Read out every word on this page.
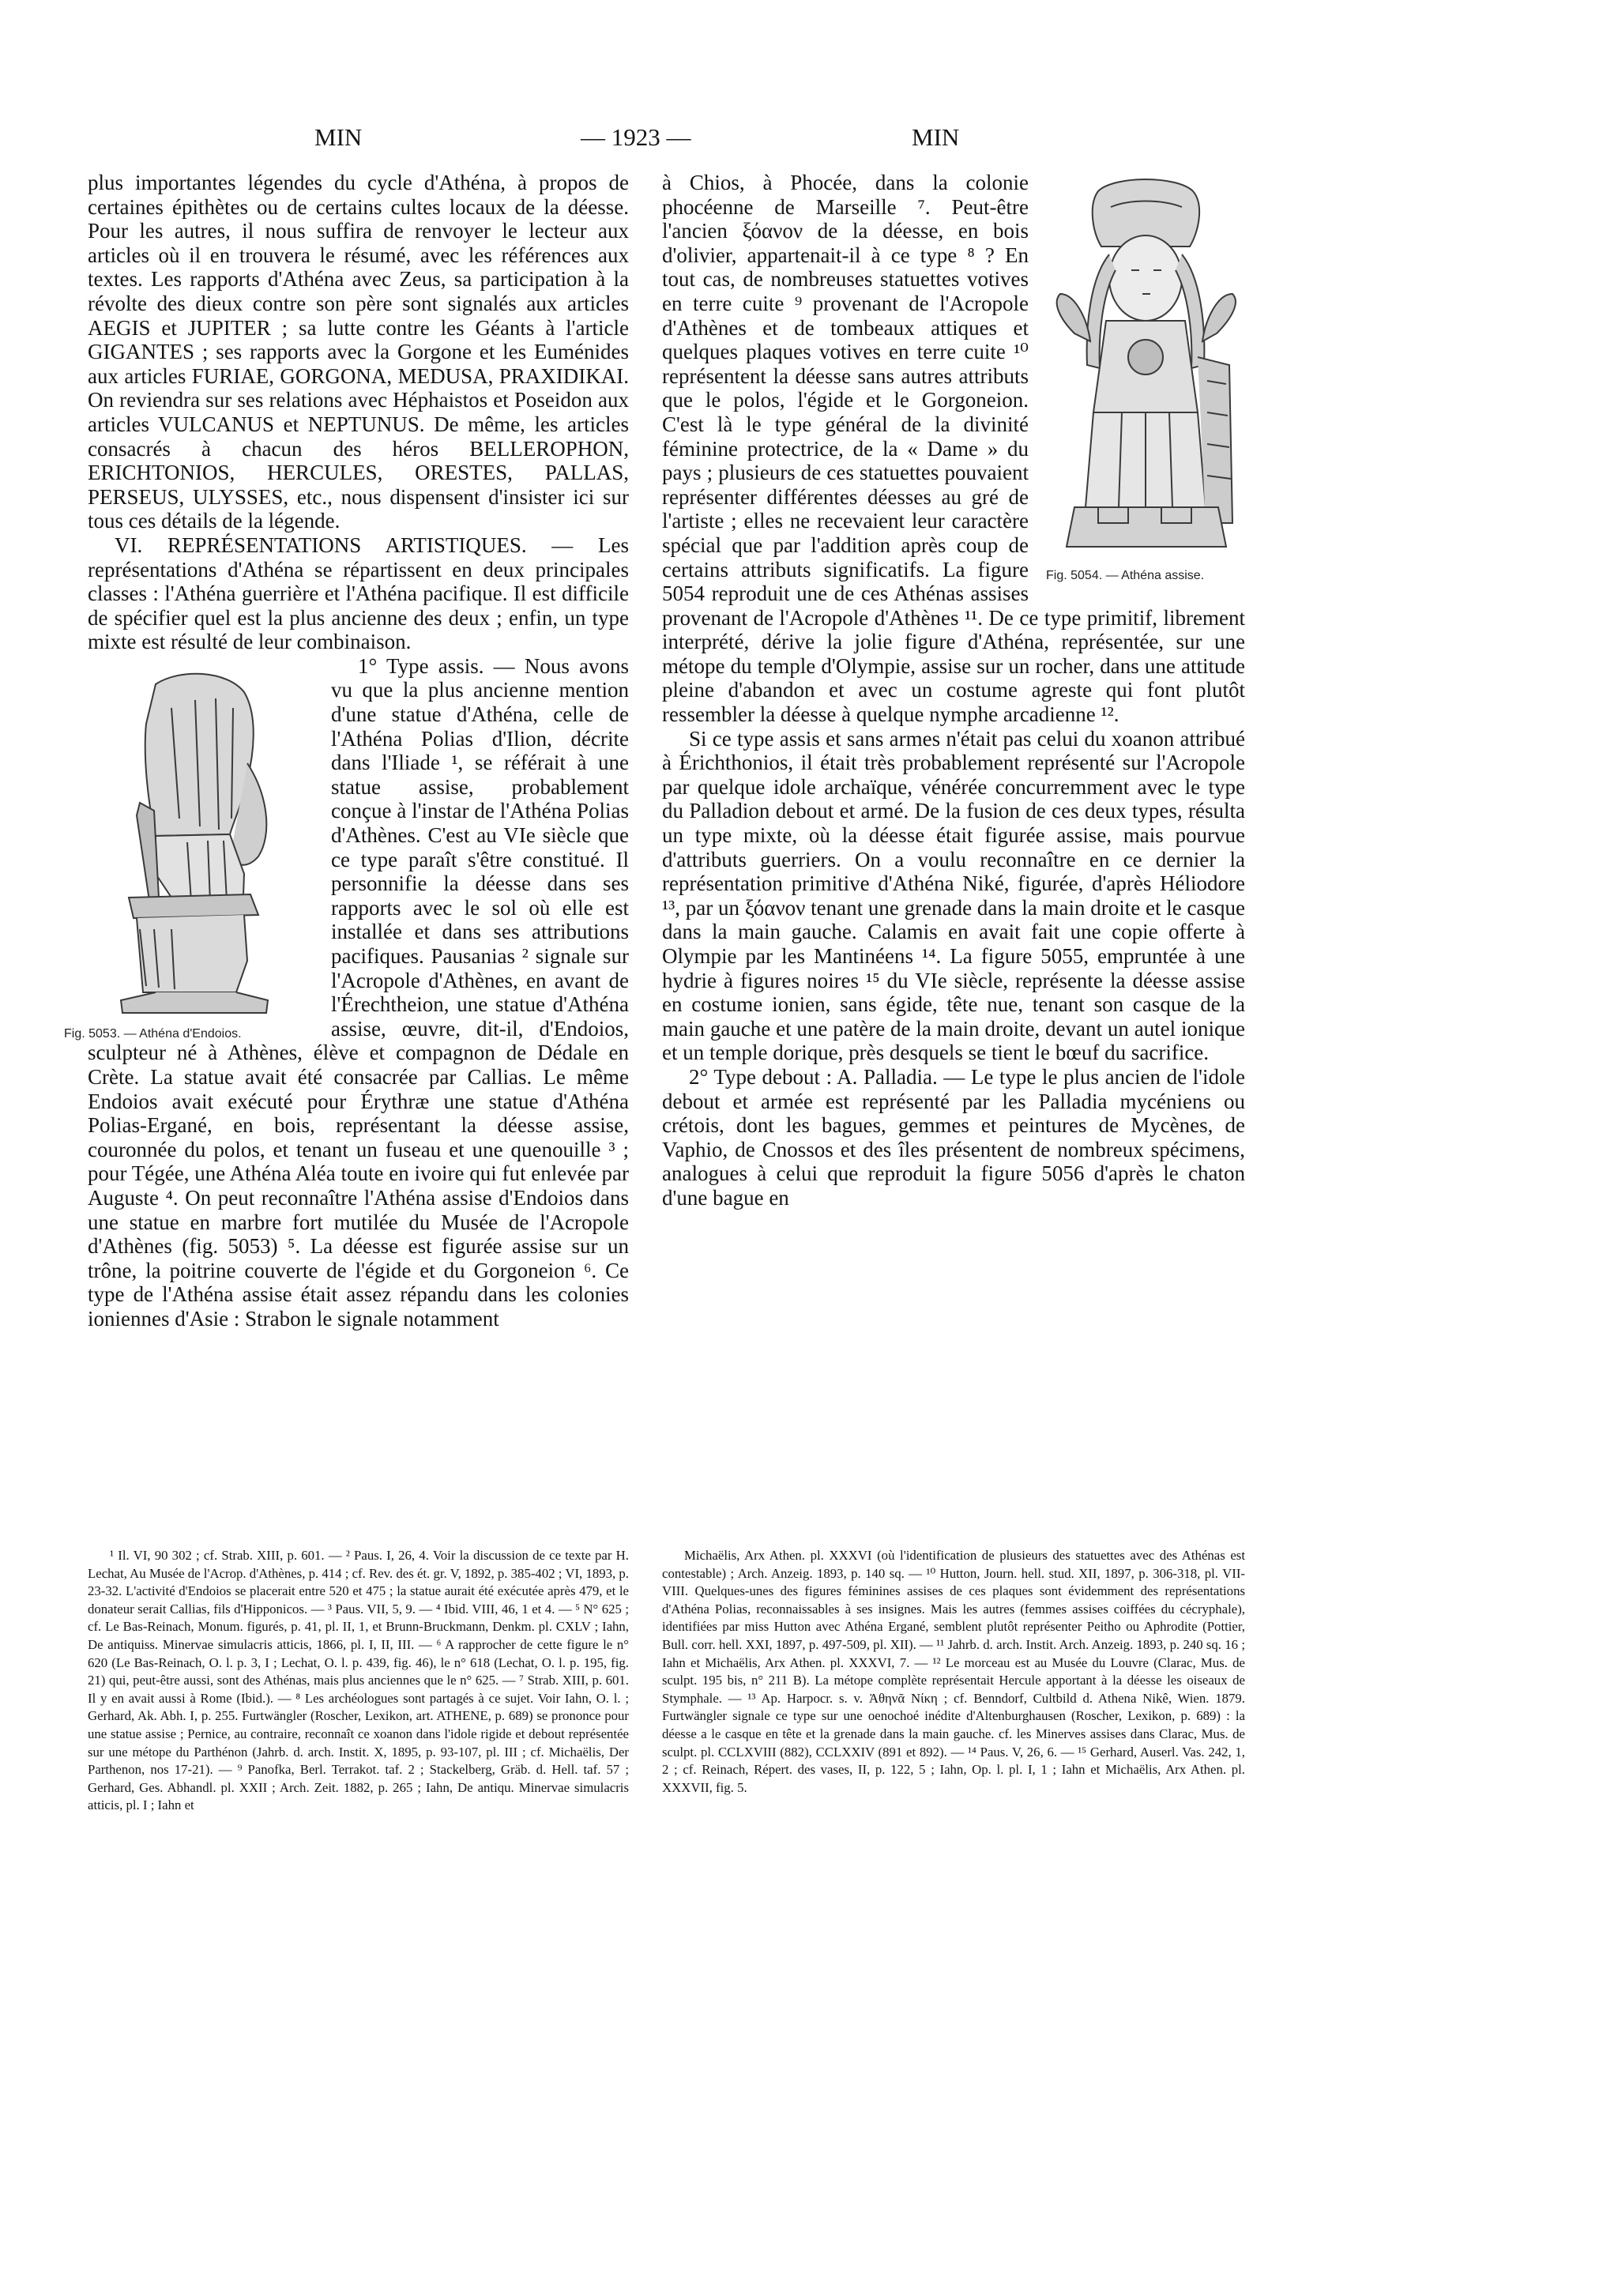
MIN	— 1923 —	MIN

plus importantes légendes du cycle d'Athéna, à propos de certaines épithètes ou de certains cultes locaux de la déesse. Pour les autres, il nous suffira de renvoyer le lecteur aux articles où il en trouvera le résumé, avec les références aux textes. Les rapports d'Athéna avec Zeus, sa participation à la révolte des dieux contre son père sont signalés aux articles AEGIS et JUPITER ; sa lutte contre les Géants à l'article GIGANTES ; ses rapports avec la Gorgone et les Euménides aux articles FURIAE, GORGONA, MEDUSA, PRAXIDIKAI. On reviendra sur ses relations avec Héphaistos et Poseidon aux articles VULCANUS et NEPTUNUS. De même, les articles consacrés à chacun des héros BELLEROPHON, ERICHTONIOS, HERCULES, ORESTES, PALLAS, PERSEUS, ULYSSES, etc., nous dispensent d'insister ici sur tous ces détails de la légende.

VI. REPRÉSENTATIONS ARTISTIQUES. — Les représentations d'Athéna se répartissent en deux principales classes : l'Athéna guerrière et l'Athéna pacifique. Il est difficile de spécifier quel est la plus ancienne des deux ; enfin, un type mixte est résulté de leur combinaison.

Fig. 5053. — Athéna d'Endoios.

1° Type assis. — Nous avons vu que la plus ancienne mention d'une statue d'Athéna, celle de l'Athéna Polias d'Ilion, décrite dans l'Iliade ¹, se référait à une statue assise, probablement conçue à l'instar de l'Athéna Polias d'Athènes. C'est au VIe siècle que ce type paraît s'être constitué. Il personnifie la déesse dans ses rapports avec le sol où elle est installée et dans ses attributions pacifiques. Pausanias ² signale sur l'Acropole d'Athènes, en avant de l'Érechtheion, une statue d'Athéna assise, œuvre, dit-il, d'Endoios, sculpteur né à Athènes, élève et compagnon de Dédale en Crète. La statue avait été consacrée par Callias. Le même Endoios avait exécuté pour Érythræ une statue d'Athéna Polias-Ergané, en bois, représentant la déesse assise, couronnée du polos, et tenant un fuseau et une quenouille ³ ; pour Tégée, une Athéna Aléa toute en ivoire qui fut enlevée par Auguste ⁴. On peut reconnaître l'Athéna assise d'Endoios dans une statue en marbre fort mutilée du Musée de l'Acropole d'Athènes (fig. 5053) ⁵. La déesse est figurée assise sur un trône, la poitrine couverte de l'égide et du Gorgoneion ⁶. Ce type de l'Athéna assise était assez répandu dans les colonies ioniennes d'Asie : Strabon le signale notamment

Fig. 5054. — Athéna assise.

à Chios, à Phocée, dans la colonie phocéenne de Marseille ⁷. Peut-être l'ancien ξόανον de la déesse, en bois d'olivier, appartenait-il à ce type ⁸ ? En tout cas, de nombreuses statuettes votives en terre cuite ⁹ provenant de l'Acropole d'Athènes et de tombeaux attiques et quelques plaques votives en terre cuite ¹⁰ représentent la déesse sans autres attributs que le polos, l'égide et le Gorgoneion. C'est là le type général de la divinité féminine protectrice, de la « Dame » du pays ; plusieurs de ces statuettes pouvaient représenter différentes déesses au gré de l'artiste ; elles ne recevaient leur caractère spécial que par l'addition après coup de certains attributs significatifs. La figure 5054 reproduit une de ces Athénas assises provenant de l'Acropole d'Athènes ¹¹. De ce type primitif, librement interprété, dérive la jolie figure d'Athéna, représentée, sur une métope du temple d'Olympie, assise sur un rocher, dans une attitude pleine d'abandon et avec un costume agreste qui font plutôt ressembler la déesse à quelque nymphe arcadienne ¹².

Si ce type assis et sans armes n'était pas celui du xoanon attribué à Érichthonios, il était très probablement représenté sur l'Acropole par quelque idole archaïque, vénérée concurremment avec le type du Palladion debout et armé. De la fusion de ces deux types, résulta un type mixte, où la déesse était figurée assise, mais pourvue d'attributs guerriers. On a voulu reconnaître en ce dernier la représentation primitive d'Athéna Niké, figurée, d'après Héliodore ¹³, par un ξόανον tenant une grenade dans la main droite et le casque dans la main gauche. Calamis en avait fait une copie offerte à Olympie par les Mantinéens ¹⁴. La figure 5055, empruntée à une hydrie à figures noires ¹⁵ du VIe siècle, représente la déesse assise en costume ionien, sans égide, tête nue, tenant son casque de la main gauche et une patère de la main droite, devant un autel ionique et un temple dorique, près desquels se tient le bœuf du sacrifice.

2° Type debout : A. Palladia. — Le type le plus ancien de l'idole debout et armée est représenté par les Palladia mycéniens ou crétois, dont les bagues, gemmes et peintures de Mycènes, de Vaphio, de Cnossos et des îles présentent de nombreux spécimens, analogues à celui que reproduit la figure 5056 d'après le chaton d'une bague en

¹ Il. VI, 90 302 ; cf. Strab. XIII, p. 601. — ² Paus. I, 26, 4. Voir la discussion de ce texte par H. Lechat, Au Musée de l'Acrop. d'Athènes, p. 414 ; cf. Rev. des ét. gr. V, 1892, p. 385-402 ; VI, 1893, p. 23-32. L'activité d'Endoios se placerait entre 520 et 475 ; la statue aurait été exécutée après 479, et le donateur serait Callias, fils d'Hipponicos. — ³ Paus. VII, 5, 9. — ⁴ Ibid. VIII, 46, 1 et 4. — ⁵ N° 625 ; cf. Le Bas-Reinach, Monum. figurés, p. 41, pl. II, 1, et Brunn-Bruckmann, Denkm. pl. CXLV ; Iahn, De antiquiss. Minervae simulacris atticis, 1866, pl. I, II, III. — ⁶ A rapprocher de cette figure le n° 620 (Le Bas-Reinach, O. l. p. 3, I ; Lechat, O. l. p. 439, fig. 46), le n° 618 (Lechat, O. l. p. 195, fig. 21) qui, peut-être aussi, sont des Athénas, mais plus anciennes que le n° 625. — ⁷ Strab. XIII, p. 601. Il y en avait aussi à Rome (Ibid.). — ⁸ Les archéologues sont partagés à ce sujet. Voir Iahn, O. l. ; Gerhard, Ak. Abh. I, p. 255. Furtwängler (Roscher, Lexikon, art. ATHENE, p. 689) se prononce pour une statue assise ; Pernice, au contraire, reconnaît ce xoanon dans l'idole rigide et debout représentée sur une métope du Parthénon (Jahrb. d. arch. Instit. X, 1895, p. 93-107, pl. III ; cf. Michaëlis, Der Parthenon, nos 17-21). — ⁹ Panofka, Berl. Terrakot. taf. 2 ; Stackelberg, Gräb. d. Hell. taf. 57 ; Gerhard, Ges. Abhandl. pl. XXII ; Arch. Zeit. 1882, p. 265 ; Iahn, De antiqu. Minervae simulacris atticis, pl. I ; Iahn et

Michaëlis, Arx Athen. pl. XXXVI (où l'identification de plusieurs des statuettes avec des Athénas est contestable) ; Arch. Anzeig. 1893, p. 140 sq. — ¹⁰ Hutton, Journ. hell. stud. XII, 1897, p. 306-318, pl. VII-VIII. Quelques-unes des figures féminines assises de ces plaques sont évidemment des représentations d'Athéna Polias, reconnaissables à ses insignes. Mais les autres (femmes assises coiffées du cécryphale), identifiées par miss Hutton avec Athéna Ergané, semblent plutôt représenter Peitho ou Aphrodite (Pottier, Bull. corr. hell. XXI, 1897, p. 497-509, pl. XII). — ¹¹ Jahrb. d. arch. Instit. Arch. Anzeig. 1893, p. 240 sq. 16 ; Iahn et Michaëlis, Arx Athen. pl. XXXVI, 7. — ¹² Le morceau est au Musée du Louvre (Clarac, Mus. de sculpt. 195 bis, n° 211 B). La métope complète représentait Hercule apportant à la déesse les oiseaux de Stymphale. — ¹³ Ap. Harpocr. s. v. Ἀθηνᾶ Νίκη ; cf. Benndorf, Cultbild d. Athena Nikê, Wien. 1879. Furtwängler signale ce type sur une oenochoé inédite d'Altenburghausen (Roscher, Lexikon, p. 689) : la déesse a le casque en tête et la grenade dans la main gauche. cf. les Minerves assises dans Clarac, Mus. de sculpt. pl. CCLXVIII (882), CCLXXIV (891 et 892). — ¹⁴ Paus. V, 26, 6. — ¹⁵ Gerhard, Auserl. Vas. 242, 1, 2 ; cf. Reinach, Répert. des vases, II, p. 122, 5 ; Iahn, Op. l. pl. I, 1 ; Iahn et Michaëlis, Arx Athen. pl. XXXVII, fig. 5.
